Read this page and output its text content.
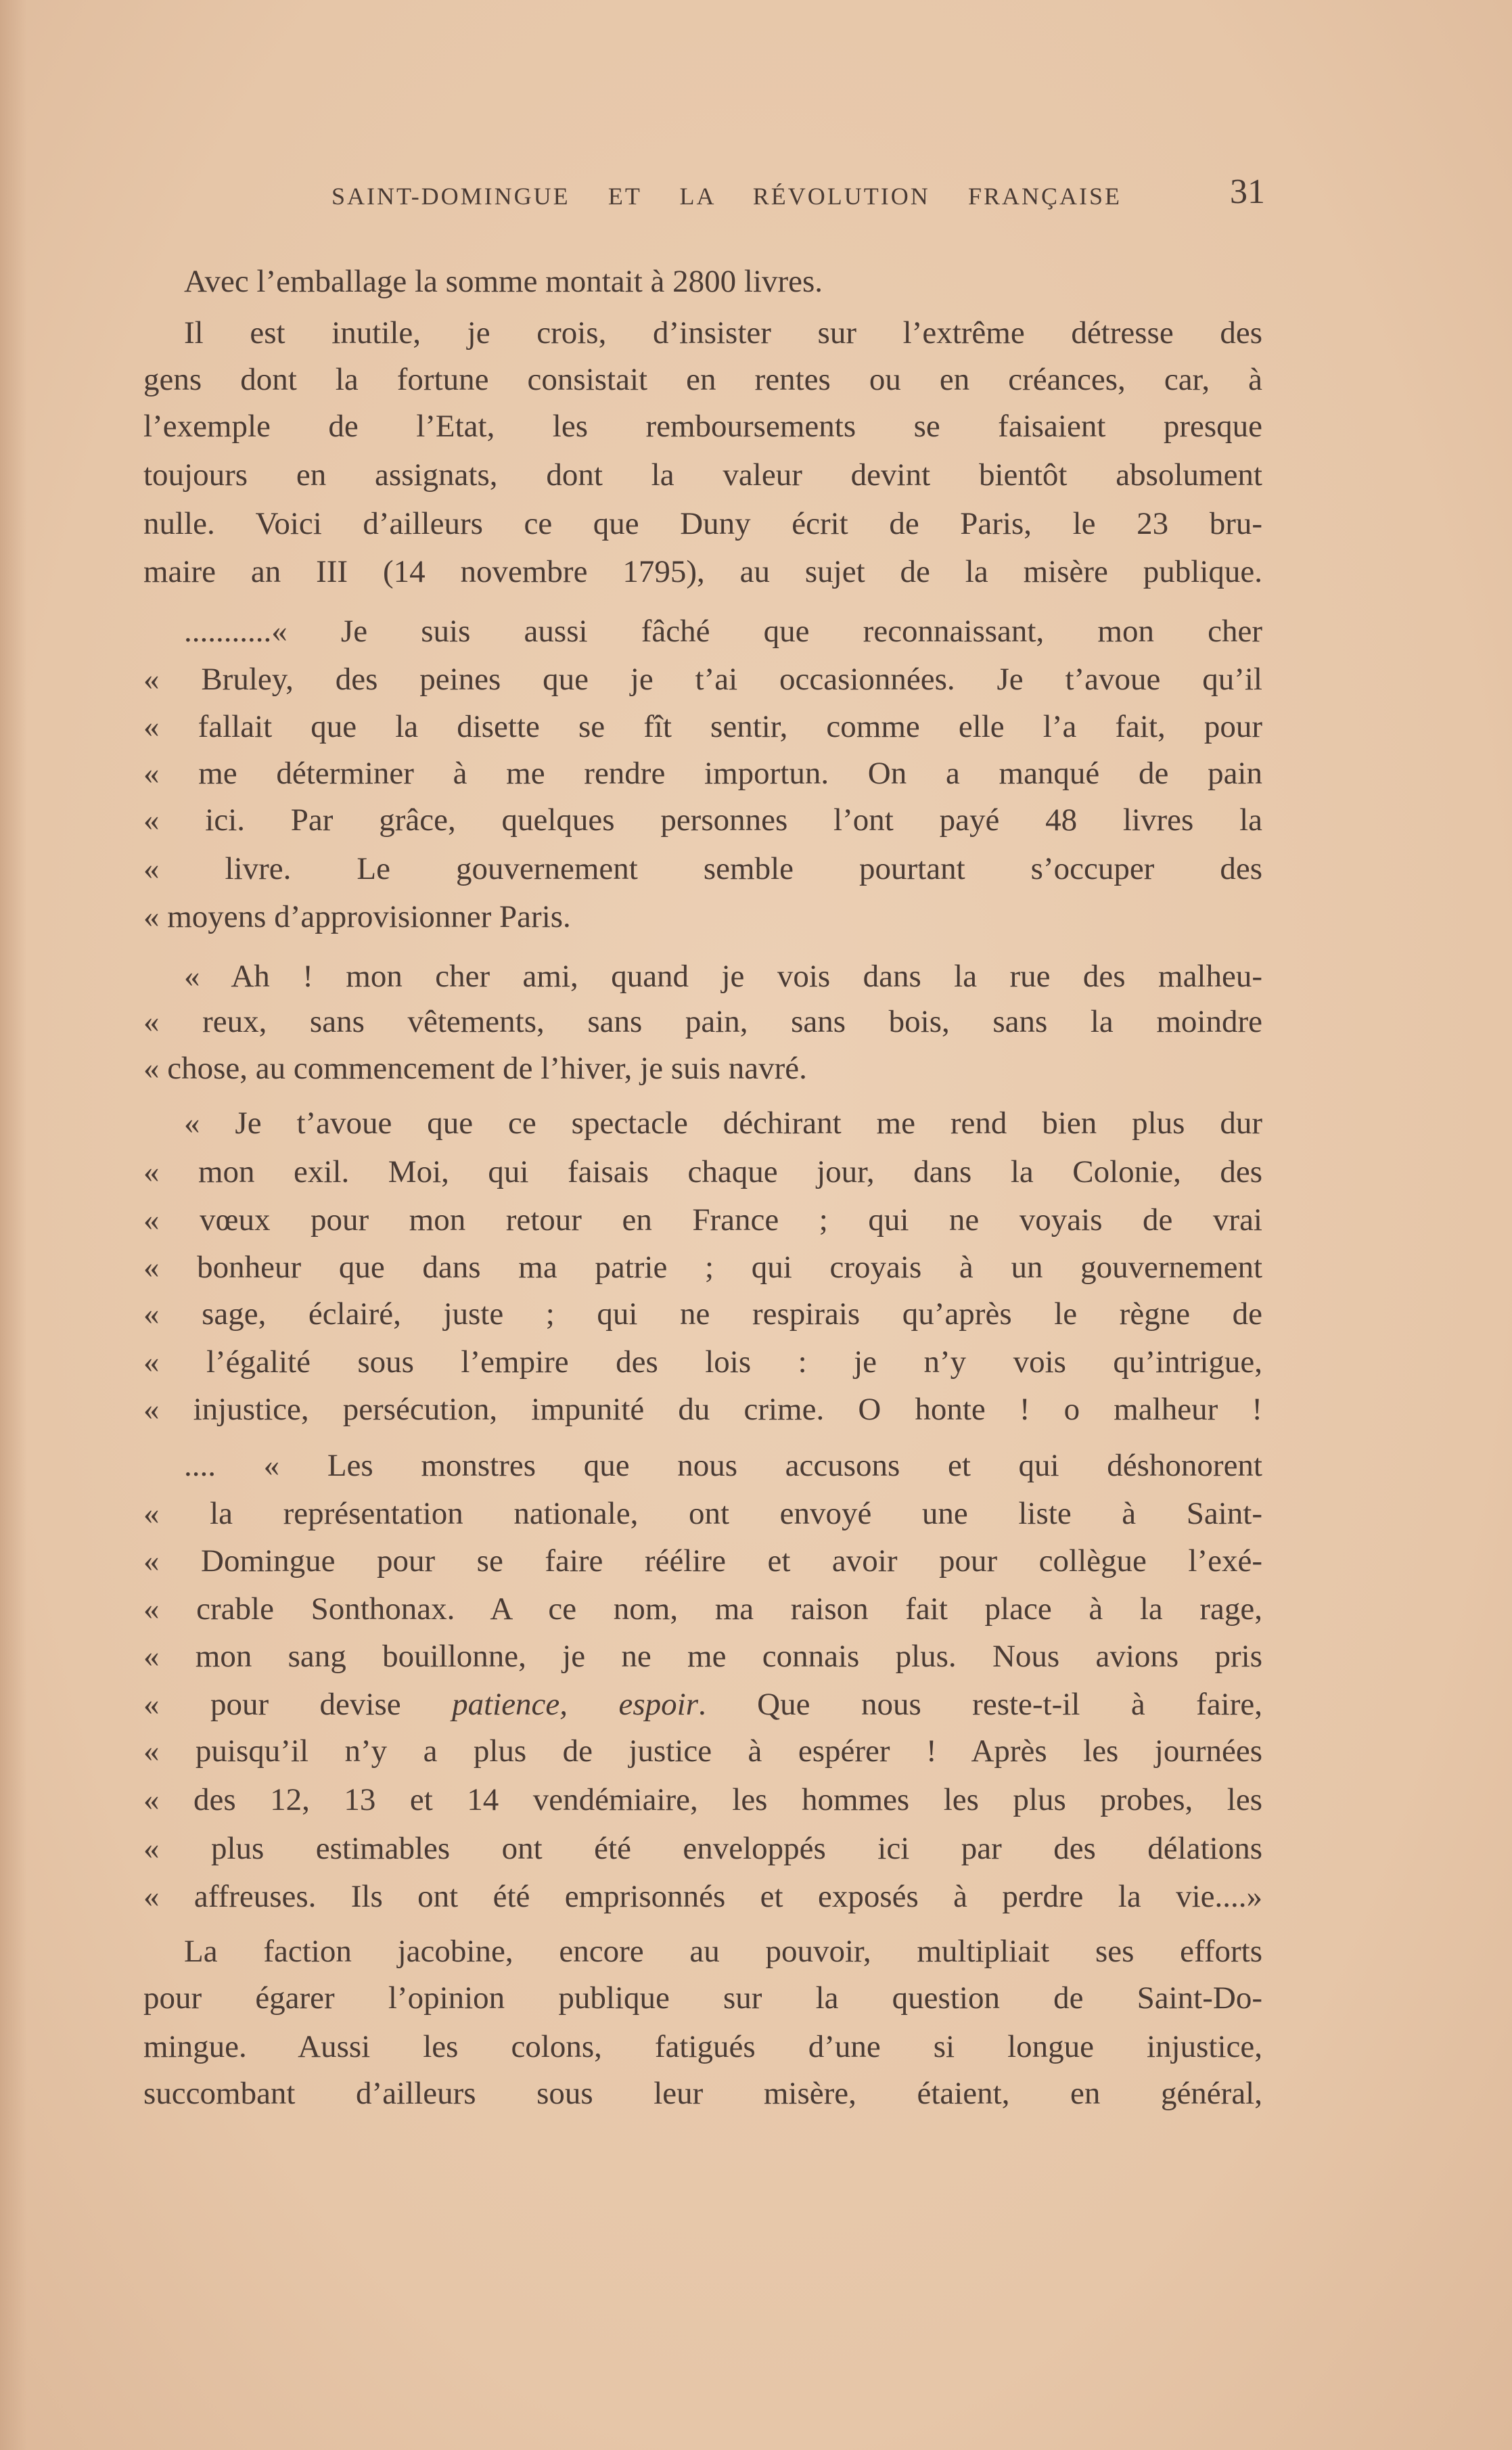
SAINT-DOMINGUE ET LA RÉVOLUTION FRANÇAISE	31
Avec l’emballage la somme montait à 2800 livres.
Il est inutile, je crois, d’insister sur l’extrême détresse des
gens dont la fortune consistait en rentes ou en créances, car, à
l’exemple de l’Etat, les remboursements se faisaient presque
toujours en assignats, dont la valeur devint bientôt absolument
nulle. Voici d’ailleurs ce que Duny écrit de Paris, le 23 bru-
maire an III (14 novembre 1795), au sujet de la misère publique.
...........« Je suis aussi fâché que reconnaissant, mon cher
« Bruley, des peines que je t’ai occasionnées. Je t’avoue qu’il
« fallait que la disette se fît sentir, comme elle l’a fait, pour
« me déterminer à me rendre importun. On a manqué de pain
« ici. Par grâce, quelques personnes l’ont payé 48 livres la
« livre. Le gouvernement semble pourtant s’occuper des
« moyens d’approvisionner Paris.
« Ah ! mon cher ami, quand je vois dans la rue des malheu-
« reux, sans vêtements, sans pain, sans bois, sans la moindre
« chose, au commencement de l’hiver, je suis navré.
« Je t’avoue que ce spectacle déchirant me rend bien plus dur
« mon exil. Moi, qui faisais chaque jour, dans la Colonie, des
« vœux pour mon retour en France ; qui ne voyais de vrai
« bonheur que dans ma patrie ; qui croyais à un gouvernement
« sage, éclairé, juste ; qui ne respirais qu’après le règne de
« l’égalité sous l’empire des lois : je n’y vois qu’intrigue,
« injustice, persécution, impunité du crime. O honte ! o malheur !
.... « Les monstres que nous accusons et qui déshonorent
« la représentation nationale, ont envoyé une liste à Saint-
« Domingue pour se faire réélire et avoir pour collègue l’exé-
« crable Sonthonax. A ce nom, ma raison fait place à la rage,
« mon sang bouillonne, je ne me connais plus. Nous avions pris
« pour devise patience, espoir. Que nous reste-t-il à faire,
« puisqu’il n’y a plus de justice à espérer ! Après les journées
« des 12, 13 et 14 vendémiaire, les hommes les plus probes, les
« plus estimables ont été enveloppés ici par des délations
« affreuses. Ils ont été emprisonnés et exposés à perdre la vie....»
La faction jacobine, encore au pouvoir, multipliait ses efforts
pour égarer l’opinion publique sur la question de Saint-Do-
mingue. Aussi les colons, fatigués d’une si longue injustice,
succombant d’ailleurs sous leur misère, étaient, en général,
